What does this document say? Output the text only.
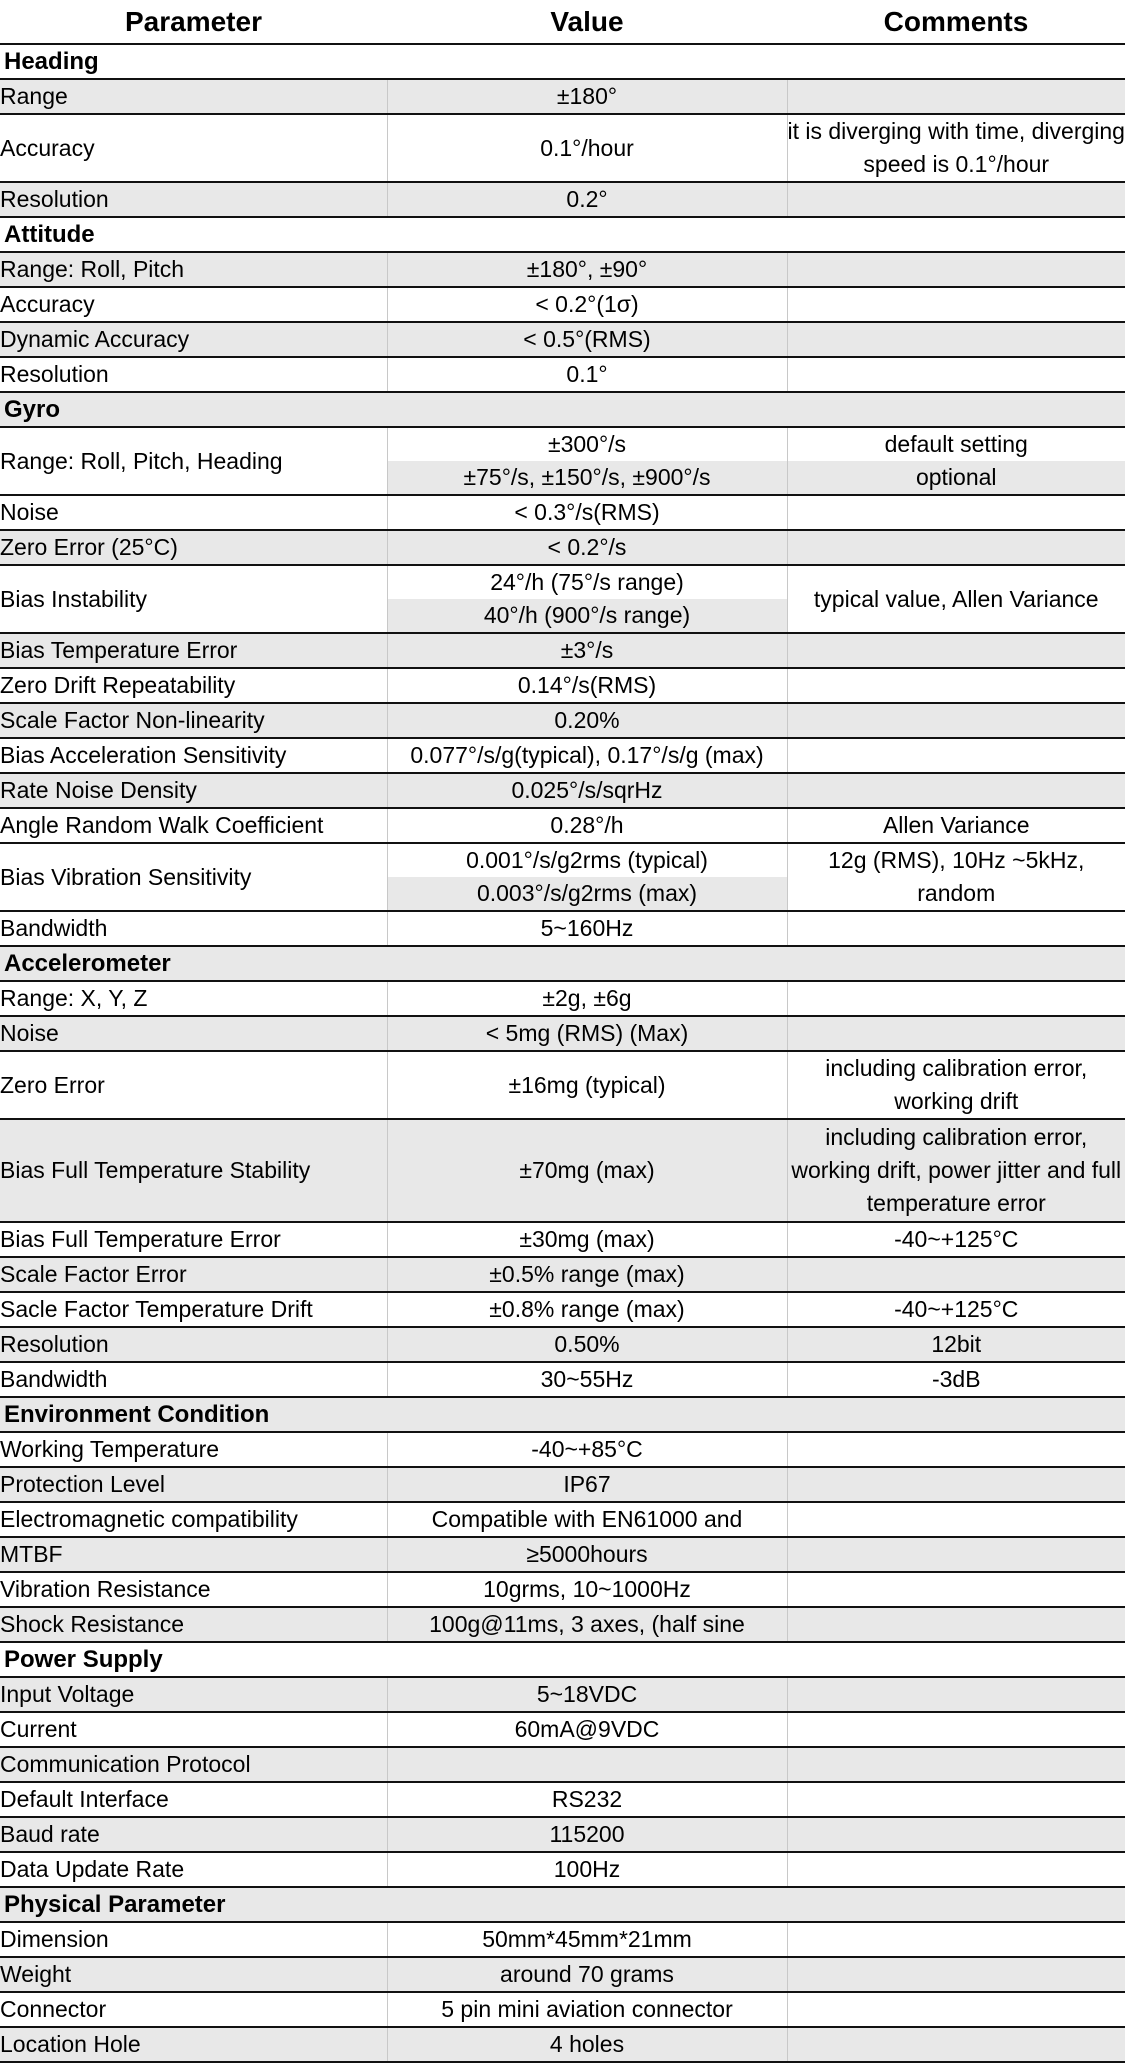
Parameter	Value	Comments
Heading		
Range	±180°	
Accuracy	0.1°/hour	it is diverging with time, diverging speed is 0.1°/hour
Resolution	0.2°	
Attitude		
Range: Roll, Pitch	±180°, ±90°	
Accuracy	< 0.2°(1σ)	
Dynamic Accuracy	< 0.5°(RMS)	
Resolution	0.1°	
Gyro		
Range: Roll, Pitch, Heading	±300°/s	default setting
	±75°/s, ±150°/s, ±900°/s	optional
Noise	< 0.3°/s(RMS)	
Zero Error (25°C)	< 0.2°/s	
Bias Instability	24°/h (75°/s range)	typical value, Allen Variance
	40°/h (900°/s range)	
Bias Temperature Error	±3°/s	
Zero Drift Repeatability	0.14°/s(RMS)	
Scale Factor Non-linearity	0.20%	
Bias Acceleration Sensitivity	0.077°/s/g(typical), 0.17°/s/g (max)	
Rate Noise Density	0.025°/s/sqrHz	
Angle Random Walk Coefficient	0.28°/h	Allen Variance
Bias Vibration Sensitivity	0.001°/s/g2rms (typical)	12g (RMS), 10Hz ~5kHz, random
	0.003°/s/g2rms (max)	
Bandwidth	5~160Hz	
Accelerometer		
Range: X, Y, Z	±2g, ±6g	
Noise	< 5mg (RMS) (Max)	
Zero Error	±16mg (typical)	including calibration error, working drift
Bias Full Temperature Stability	±70mg (max)	including calibration error, working drift, power jitter and full temperature error
Bias Full Temperature Error	±30mg (max)	-40~+125°C
Scale Factor Error	±0.5% range (max)	
Sacle Factor Temperature Drift	±0.8% range (max)	-40~+125°C
Resolution	0.50%	12bit
Bandwidth	30~55Hz	-3dB
Environment Condition		
Working Temperature	-40~+85°C	
Protection Level	IP67	
Electromagnetic compatibility	Compatible with EN61000 and	
MTBF	≥5000hours	
Vibration Resistance	10grms, 10~1000Hz	
Shock Resistance	100g@11ms, 3 axes, (half sine	
Power Supply		
Input Voltage	5~18VDC	
Current	60mA@9VDC	
Communication Protocol		
Default Interface	RS232	
Baud rate	115200	
Data Update Rate	100Hz	
Physical Parameter		
Dimension	50mm*45mm*21mm	
Weight	around 70 grams	
Connector	5 pin mini aviation connector	
Location Hole	4 holes	
